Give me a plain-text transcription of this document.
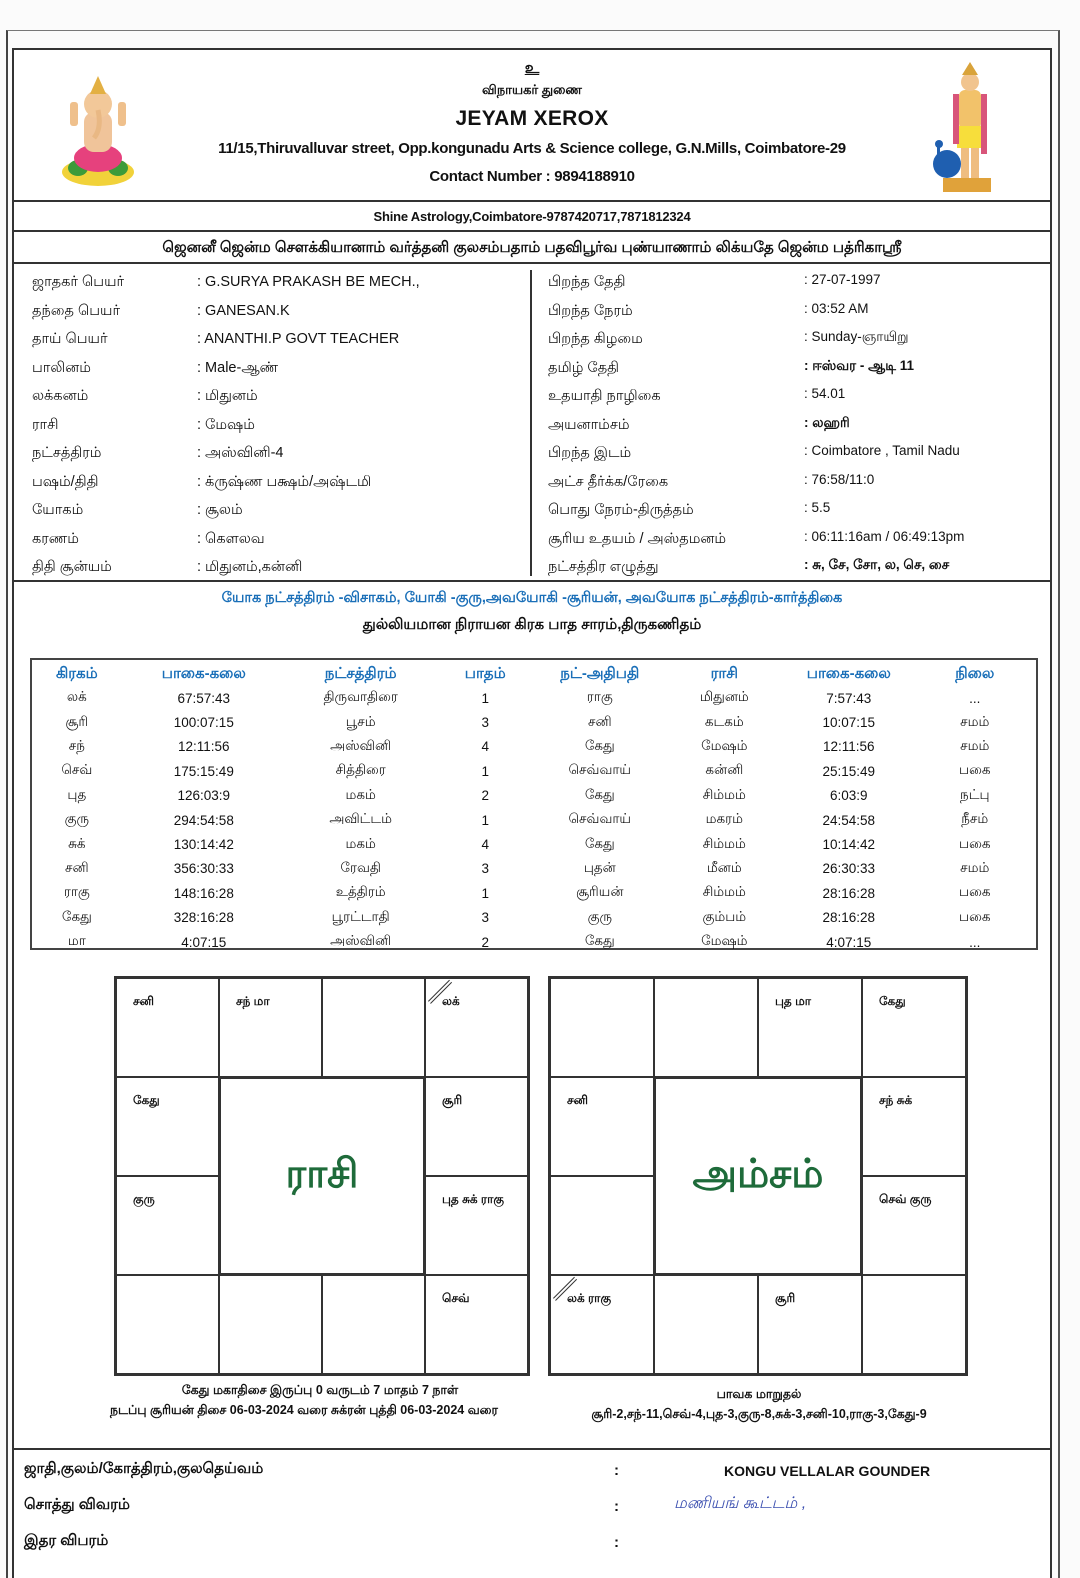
உ
விநாயகர் துணை
JEYAM XEROX
11/15,Thiruvalluvar street, Opp.kongunadu Arts & Science college, G.N.Mills, Coimbatore-29
Contact Number : 9894188910
Shine Astrology,Coimbatore-9787420717,7871812324
ஜெனனீ ஜென்ம சௌக்கியானாம் வர்த்தனி குலசம்பதாம் பதவிபூர்வ புண்யாணாம் லிக்யதே ஜென்ம பத்ரிகாஸ்ரீ
ஜாதகர் பெயர்	: G.SURYA PRAKASH BE MECH.,
தந்தை பெயர்	: GANESAN.K
தாய் பெயர்	: ANANTHI.P GOVT TEACHER
பாலினம்	: Male-ஆண்
லக்கனம்	: மிதுனம்
ராசி	: மேஷம்
நட்சத்திரம்	: அஸ்வினி-4
பஷம்/திதி	: க்ருஷ்ண பக்ஷம்/அஷ்டமி
யோகம்	: சூலம்
கரணம்	: கௌலவ
திதி சூன்யம்	: மிதுனம்,கன்னி
பிறந்த தேதி	: 27-07-1997
பிறந்த நேரம்	: 03:52 AM
பிறந்த கிழமை	: Sunday-ஞாயிறு
தமிழ் தேதி	: ஈஸ்வர - ஆடி 11
உதயாதி நாழிகை	: 54.01
அயனாம்சம்	: லஹரி
பிறந்த இடம்	: Coimbatore , Tamil Nadu
அட்ச தீர்க்க/ரேகை	: 76:58/11:0
பொது நேரம்-திருத்தம்	: 5.5
சூரிய உதயம் / அஸ்தமனம்	: 06:11:16am / 06:49:13pm
நட்சத்திர எழுத்து	: சு, சே, சோ, ல, செ, சை
யோக நட்சத்திரம் -விசாகம், யோகி -குரு,அவயோகி -சூரியன், அவயோக நட்சத்திரம்-கார்த்திகை
துல்லியமான நிராயன கிரக பாத சாரம்,திருகணிதம்
கிரகம்	பாகை-கலை	நட்சத்திரம்	பாதம்	நட்-அதிபதி	ராசி	பாகை-கலை	நிலை
லக்	67:57:43	திருவாதிரை	1	ராகு	மிதுனம்	7:57:43	...
சூரி	100:07:15	பூசம்	3	சனி	கடகம்	10:07:15	சமம்
சந்	12:11:56	அஸ்வினி	4	கேது	மேஷம்	12:11:56	சமம்
செவ்	175:15:49	சித்திரை	1	செவ்வாய்	கன்னி	25:15:49	பகை
புத	126:03:9	மகம்	2	கேது	சிம்மம்	6:03:9	நட்பு
குரு	294:54:58	அவிட்டம்	1	செவ்வாய்	மகரம்	24:54:58	நீசம்
சுக்	130:14:42	மகம்	4	கேது	சிம்மம்	10:14:42	பகை
சனி	356:30:33	ரேவதி	3	புதன்	மீனம்	26:30:33	சமம்
ராகு	148:16:28	உத்திரம்	1	சூரியன்	சிம்மம்	28:16:28	பகை
கேது	328:16:28	பூரட்டாதி	3	குரு	கும்பம்	28:16:28	பகை
மா	4:07:15	அஸ்வினி	2	கேது	மேஷம்	4:07:15	...
சனி	சந் மா	லக்
கேது	சூரி
குரு	புத சுக் ராகு
செவ்
ராசி
புத மா	கேது
சனி	சந் சுக்
செவ் குரு
லக் ராகு	சூரி
அம்சம்
கேது மகாதிசை இருப்பு 0 வருடம் 7 மாதம் 7 நாள்
நடப்பு சூரியன் திசை 06-03-2024 வரை சுக்ரன் புத்தி 06-03-2024 வரை
பாவக மாறுதல்
சூரி-2,சந்-11,செவ்-4,புத-3,குரு-8,சுக்-3,சனி-10,ராகு-3,கேது-9
ஜாதி,குலம்/கோத்திரம்,குலதெய்வம்	:	KONGU VELLALAR GOUNDER
சொத்து விவரம்	:	மணியங் கூட்டம் ,
இதர விபரம்	:
